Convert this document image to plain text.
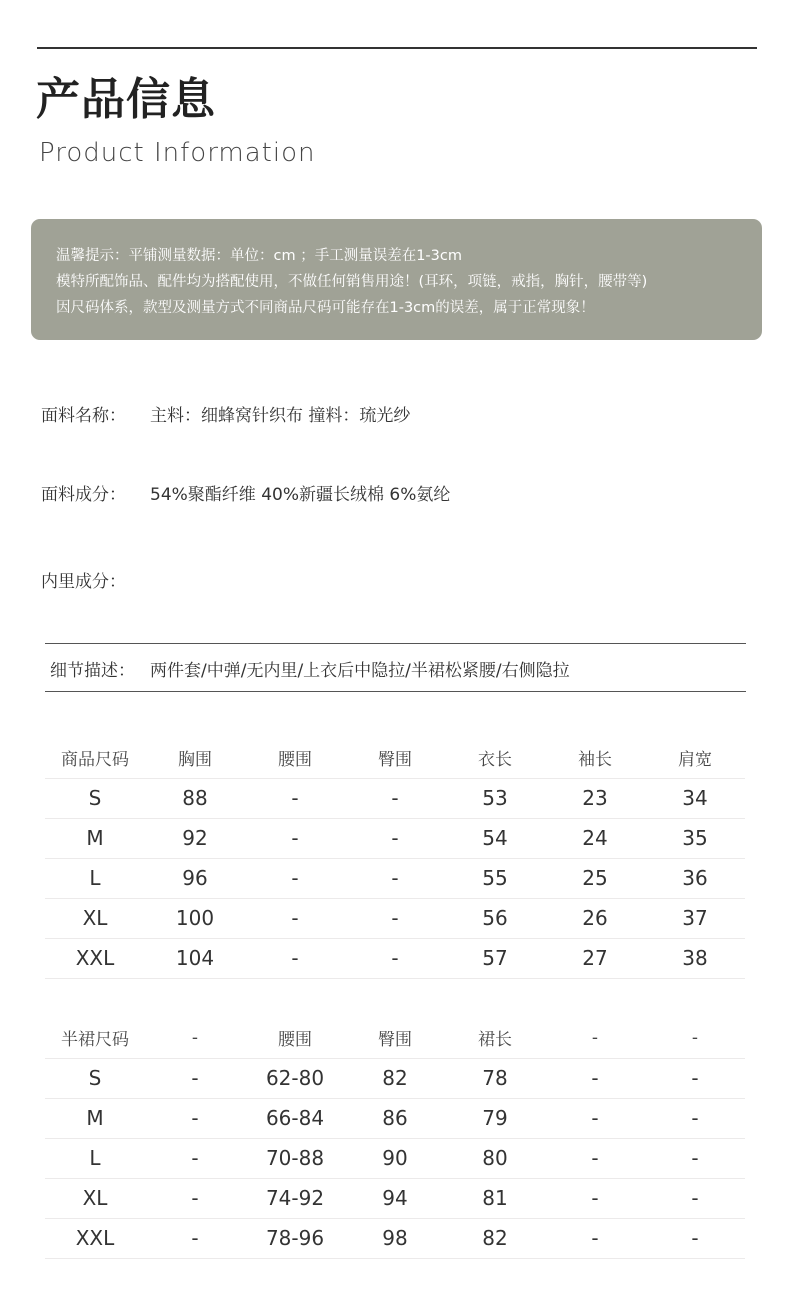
产品信息
Product Information
温馨提示：平铺测量数据：单位：cm ；手工测量误差在1-3cm
模特所配饰品、配件均为搭配使用，不做任何销售用途！(耳环，项链，戒指，胸针，腰带等)
因尺码体系，款型及测量方式不同商品尺码可能存在1-3cm的误差，属于正常现象！
面料名称： 主料：细蜂窝针织布 撞料：琉光纱
面料成分： 54%聚酯纤维 40%新疆长绒棉 6%氨纶
内里成分：
细节描述： 两件套/中弹/无内里/上衣后中隐拉/半裙松紧腰/右侧隐拉
商品尺码	胸围	腰围	臀围	衣长	袖长	肩宽
S	88	-	-	53	23	34
M	92	-	-	54	24	35
L	96	-	-	55	25	36
XL	100	-	-	56	26	37
XXL	104	-	-	57	27	38
半裙尺码	-	腰围	臀围	裙长	-	-
S	-	62-80	82	78	-	-
M	-	66-84	86	79	-	-
L	-	70-88	90	80	-	-
XL	-	74-92	94	81	-	-
XXL	-	78-96	98	82	-	-
